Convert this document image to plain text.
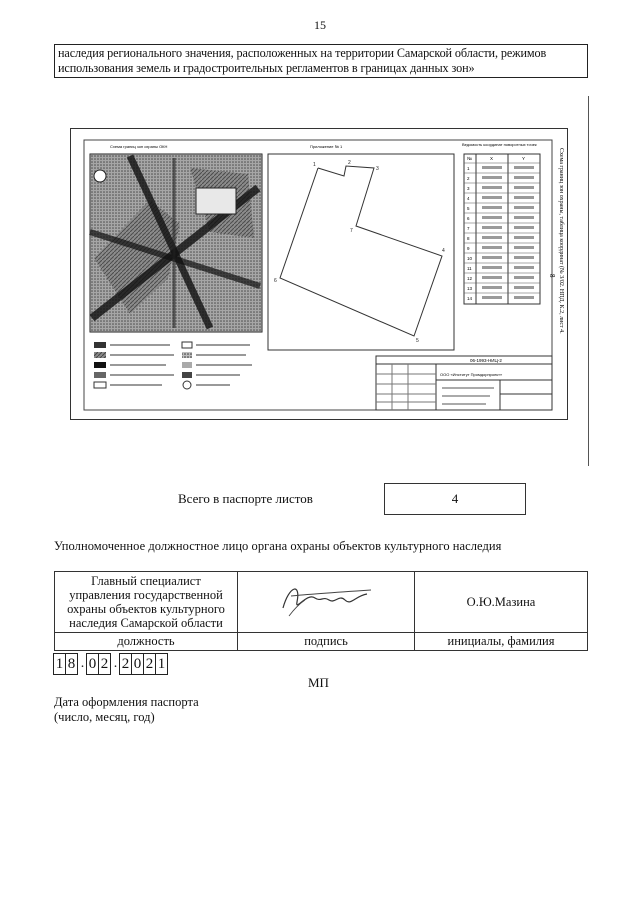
15
наследия регионального значения, расположенных на территории Самарской области, режимов
использования земель и градостроительных регламентов в границах данных зон»
Схема границ зон охраны ОКН	Приложение № 1
1	2
3
4
5
6
7
Ведомость координат поворотных точек
№	X	Y
1
2
3
4
5
6
7
8
9
10
11
12
13
14
06-1993-НИЦ-2
ООО «Институт Промдорпроект»
Схема границ зон охраны, таблица координат (№ 3/02. НПД. К.2, лист 4.
8
Всего в паспорте листов	4
Уполномоченное должностное лицо органа охраны объектов культурного наследия
Главный специалист
управления государственной
охраны объектов культурного
наследия Самарской области		О.Ю.Мазина
должность	подпись	инициалы, фамилия
1 8 . 0 2 . 2 0 2 1
МП
Дата оформления паспорта
(число, месяц, год)
